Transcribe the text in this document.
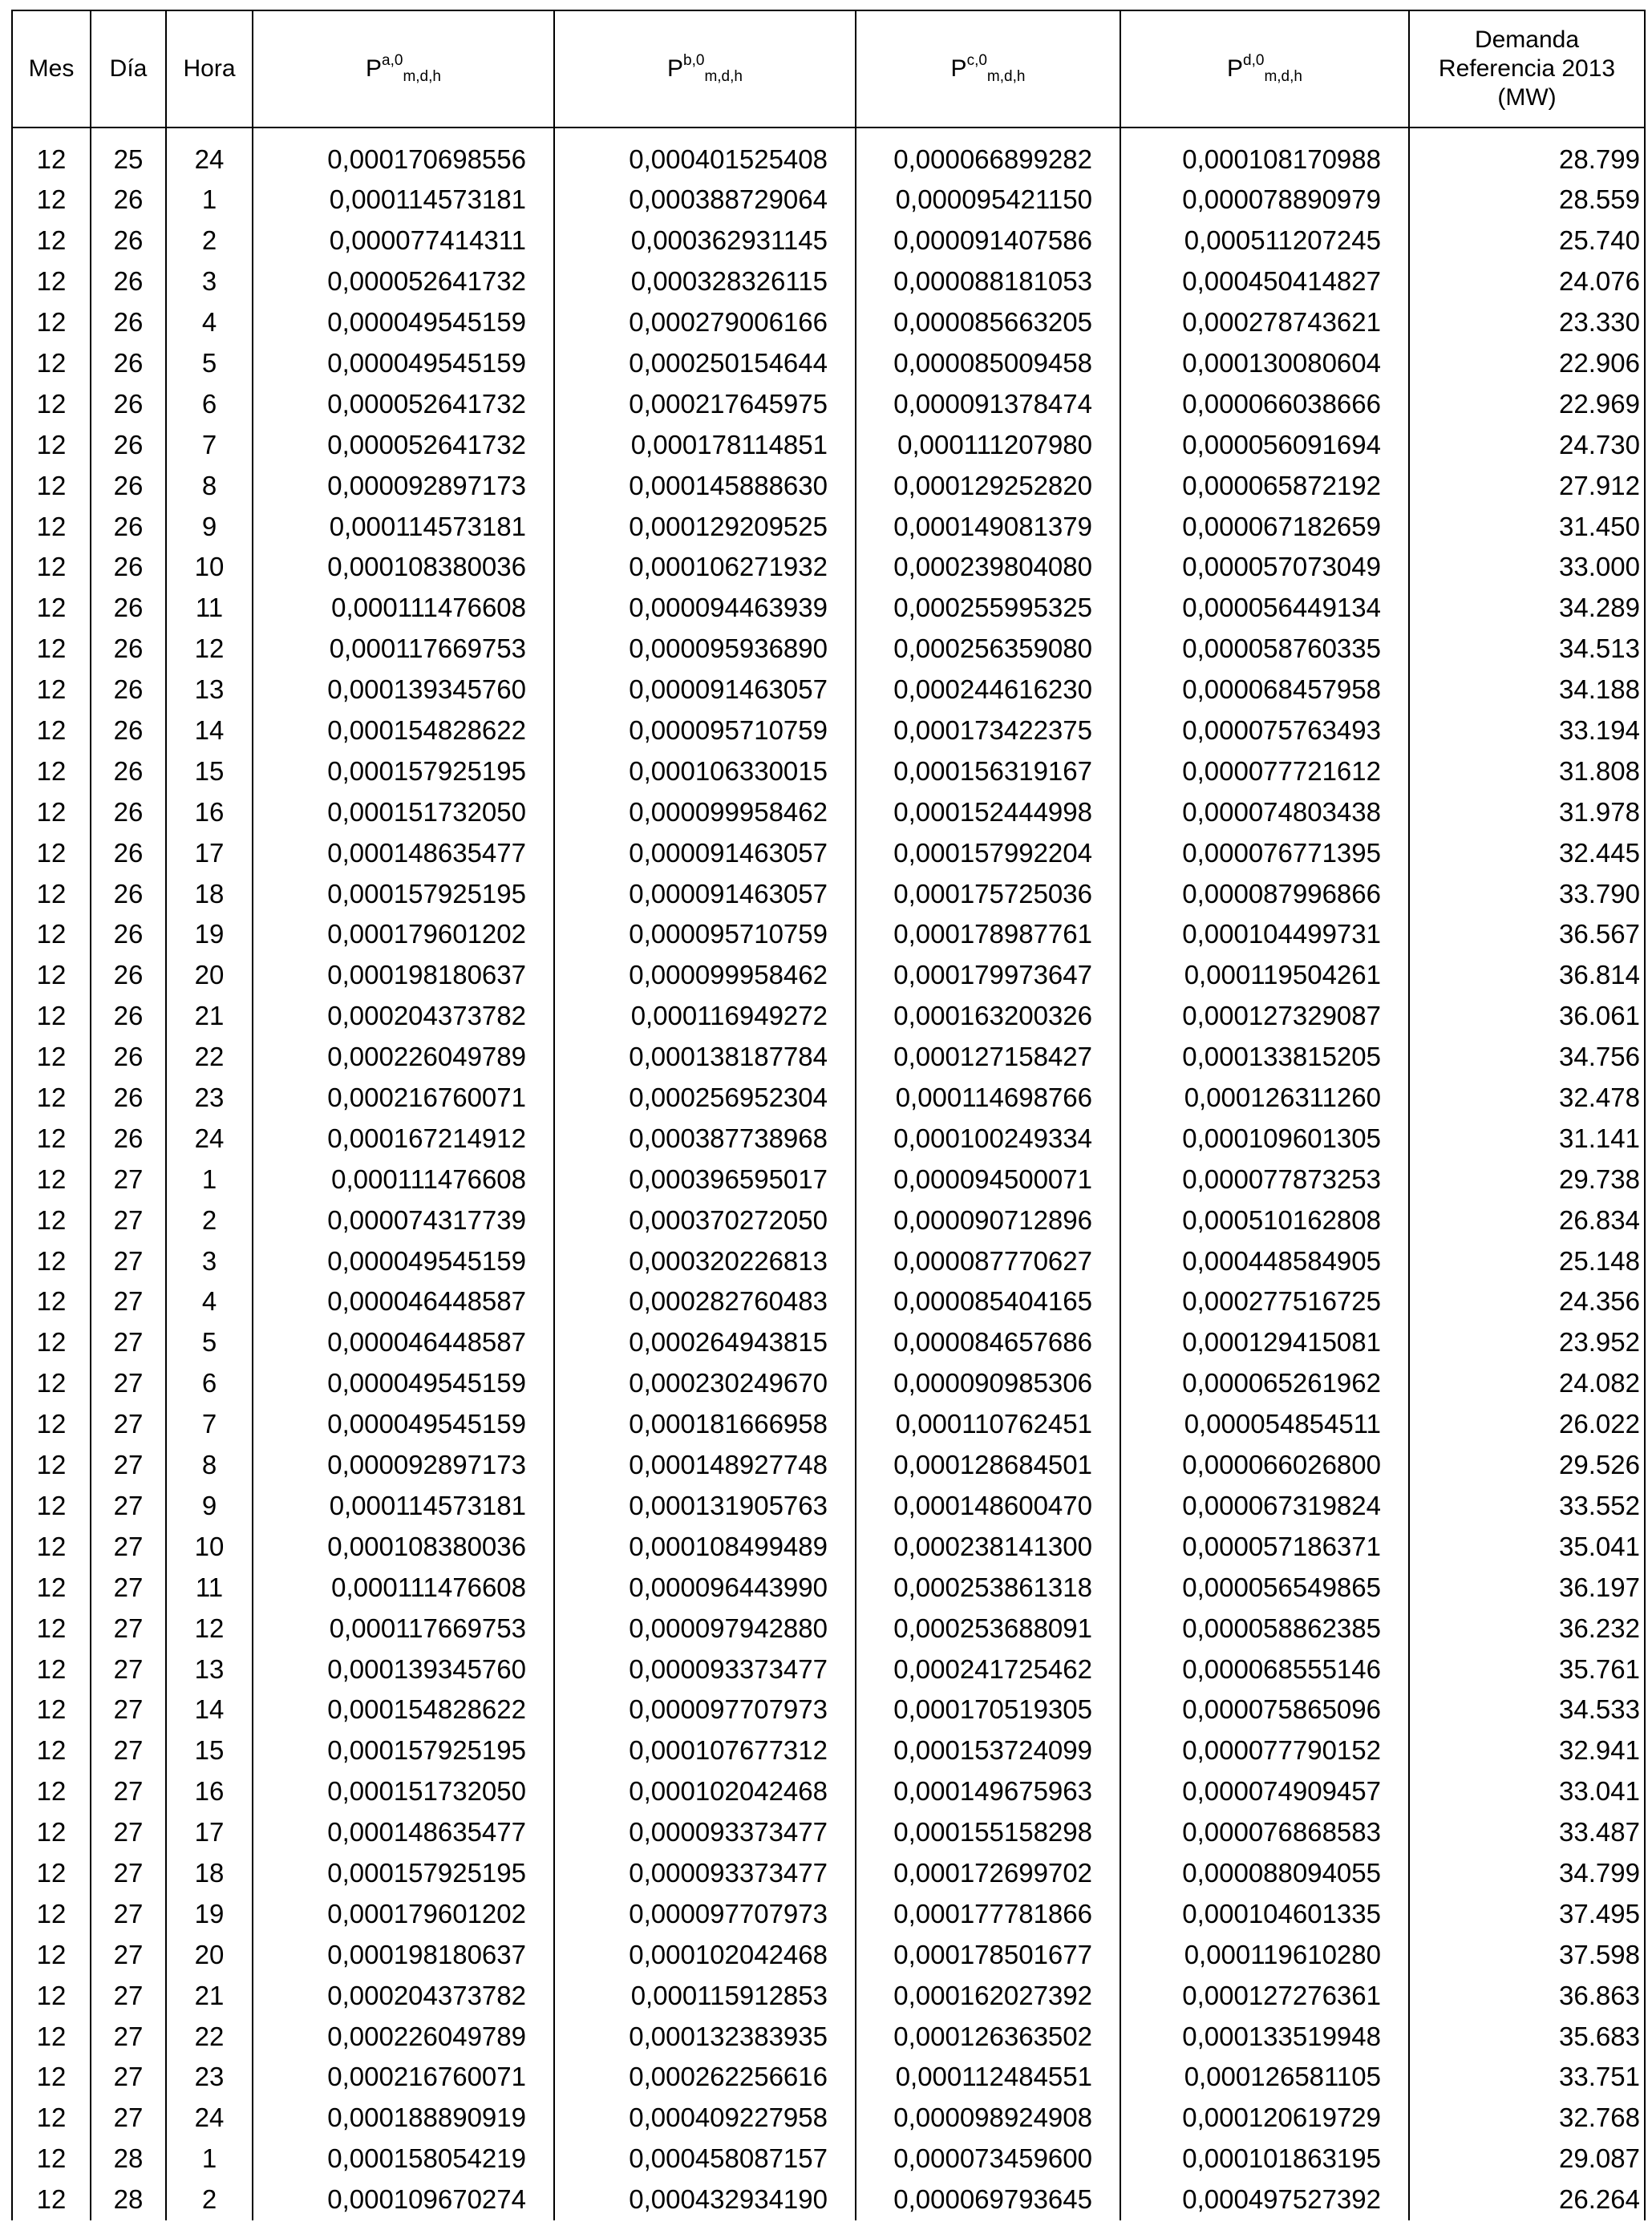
Mes	Día	Hora	P$^{a,0}_{m,d,h}$	P$^{b,0}_{m,d,h}$	P$^{c,0}_{m,d,h}$	P$^{d,0}_{m,d,h}$	Demanda
Referencia 2013
(MW)

12	25	24	0,000170698556	0,000401525408	0,000066899282	0,000108170988	28.799
12	26	1	0,000114573181	0,000388729064	0,000095421150	0,000078890979	28.559
12	26	2	0,000077414311	0,000362931145	0,000091407586	0,000511207245	25.740
12	26	3	0,000052641732	0,000328326115	0,000088181053	0,000450414827	24.076
12	26	4	0,000049545159	0,000279006166	0,000085663205	0,000278743621	23.330
12	26	5	0,000049545159	0,000250154644	0,000085009458	0,000130080604	22.906
12	26	6	0,000052641732	0,000217645975	0,000091378474	0,000066038666	22.969
12	26	7	0,000052641732	0,000178114851	0,000111207980	0,000056091694	24.730
12	26	8	0,000092897173	0,000145888630	0,000129252820	0,000065872192	27.912
12	26	9	0,000114573181	0,000129209525	0,000149081379	0,000067182659	31.450
12	26	10	0,000108380036	0,000106271932	0,000239804080	0,000057073049	33.000
12	26	11	0,000111476608	0,000094463939	0,000255995325	0,000056449134	34.289
12	26	12	0,000117669753	0,000095936890	0,000256359080	0,000058760335	34.513
12	26	13	0,000139345760	0,000091463057	0,000244616230	0,000068457958	34.188
12	26	14	0,000154828622	0,000095710759	0,000173422375	0,000075763493	33.194
12	26	15	0,000157925195	0,000106330015	0,000156319167	0,000077721612	31.808
12	26	16	0,000151732050	0,000099958462	0,000152444998	0,000074803438	31.978
12	26	17	0,000148635477	0,000091463057	0,000157992204	0,000076771395	32.445
12	26	18	0,000157925195	0,000091463057	0,000175725036	0,000087996866	33.790
12	26	19	0,000179601202	0,000095710759	0,000178987761	0,000104499731	36.567
12	26	20	0,000198180637	0,000099958462	0,000179973647	0,000119504261	36.814
12	26	21	0,000204373782	0,000116949272	0,000163200326	0,000127329087	36.061
12	26	22	0,000226049789	0,000138187784	0,000127158427	0,000133815205	34.756
12	26	23	0,000216760071	0,000256952304	0,000114698766	0,000126311260	32.478
12	26	24	0,000167214912	0,000387738968	0,000100249334	0,000109601305	31.141
12	27	1	0,000111476608	0,000396595017	0,000094500071	0,000077873253	29.738
12	27	2	0,000074317739	0,000370272050	0,000090712896	0,000510162808	26.834
12	27	3	0,000049545159	0,000320226813	0,000087770627	0,000448584905	25.148
12	27	4	0,000046448587	0,000282760483	0,000085404165	0,000277516725	24.356
12	27	5	0,000046448587	0,000264943815	0,000084657686	0,000129415081	23.952
12	27	6	0,000049545159	0,000230249670	0,000090985306	0,000065261962	24.082
12	27	7	0,000049545159	0,000181666958	0,000110762451	0,000054854511	26.022
12	27	8	0,000092897173	0,000148927748	0,000128684501	0,000066026800	29.526
12	27	9	0,000114573181	0,000131905763	0,000148600470	0,000067319824	33.552
12	27	10	0,000108380036	0,000108499489	0,000238141300	0,000057186371	35.041
12	27	11	0,000111476608	0,000096443990	0,000253861318	0,000056549865	36.197
12	27	12	0,000117669753	0,000097942880	0,000253688091	0,000058862385	36.232
12	27	13	0,000139345760	0,000093373477	0,000241725462	0,000068555146	35.761
12	27	14	0,000154828622	0,000097707973	0,000170519305	0,000075865096	34.533
12	27	15	0,000157925195	0,000107677312	0,000153724099	0,000077790152	32.941
12	27	16	0,000151732050	0,000102042468	0,000149675963	0,000074909457	33.041
12	27	17	0,000148635477	0,000093373477	0,000155158298	0,000076868583	33.487
12	27	18	0,000157925195	0,000093373477	0,000172699702	0,000088094055	34.799
12	27	19	0,000179601202	0,000097707973	0,000177781866	0,000104601335	37.495
12	27	20	0,000198180637	0,000102042468	0,000178501677	0,000119610280	37.598
12	27	21	0,000204373782	0,000115912853	0,000162027392	0,000127276361	36.863
12	27	22	0,000226049789	0,000132383935	0,000126363502	0,000133519948	35.683
12	27	23	0,000216760071	0,000262256616	0,000112484551	0,000126581105	33.751
12	27	24	0,000188890919	0,000409227958	0,000098924908	0,000120619729	32.768
12	28	1	0,000158054219	0,000458087157	0,000073459600	0,000101863195	29.087
12	28	2	0,000109670274	0,000432934190	0,000069793645	0,000497527392	26.264
